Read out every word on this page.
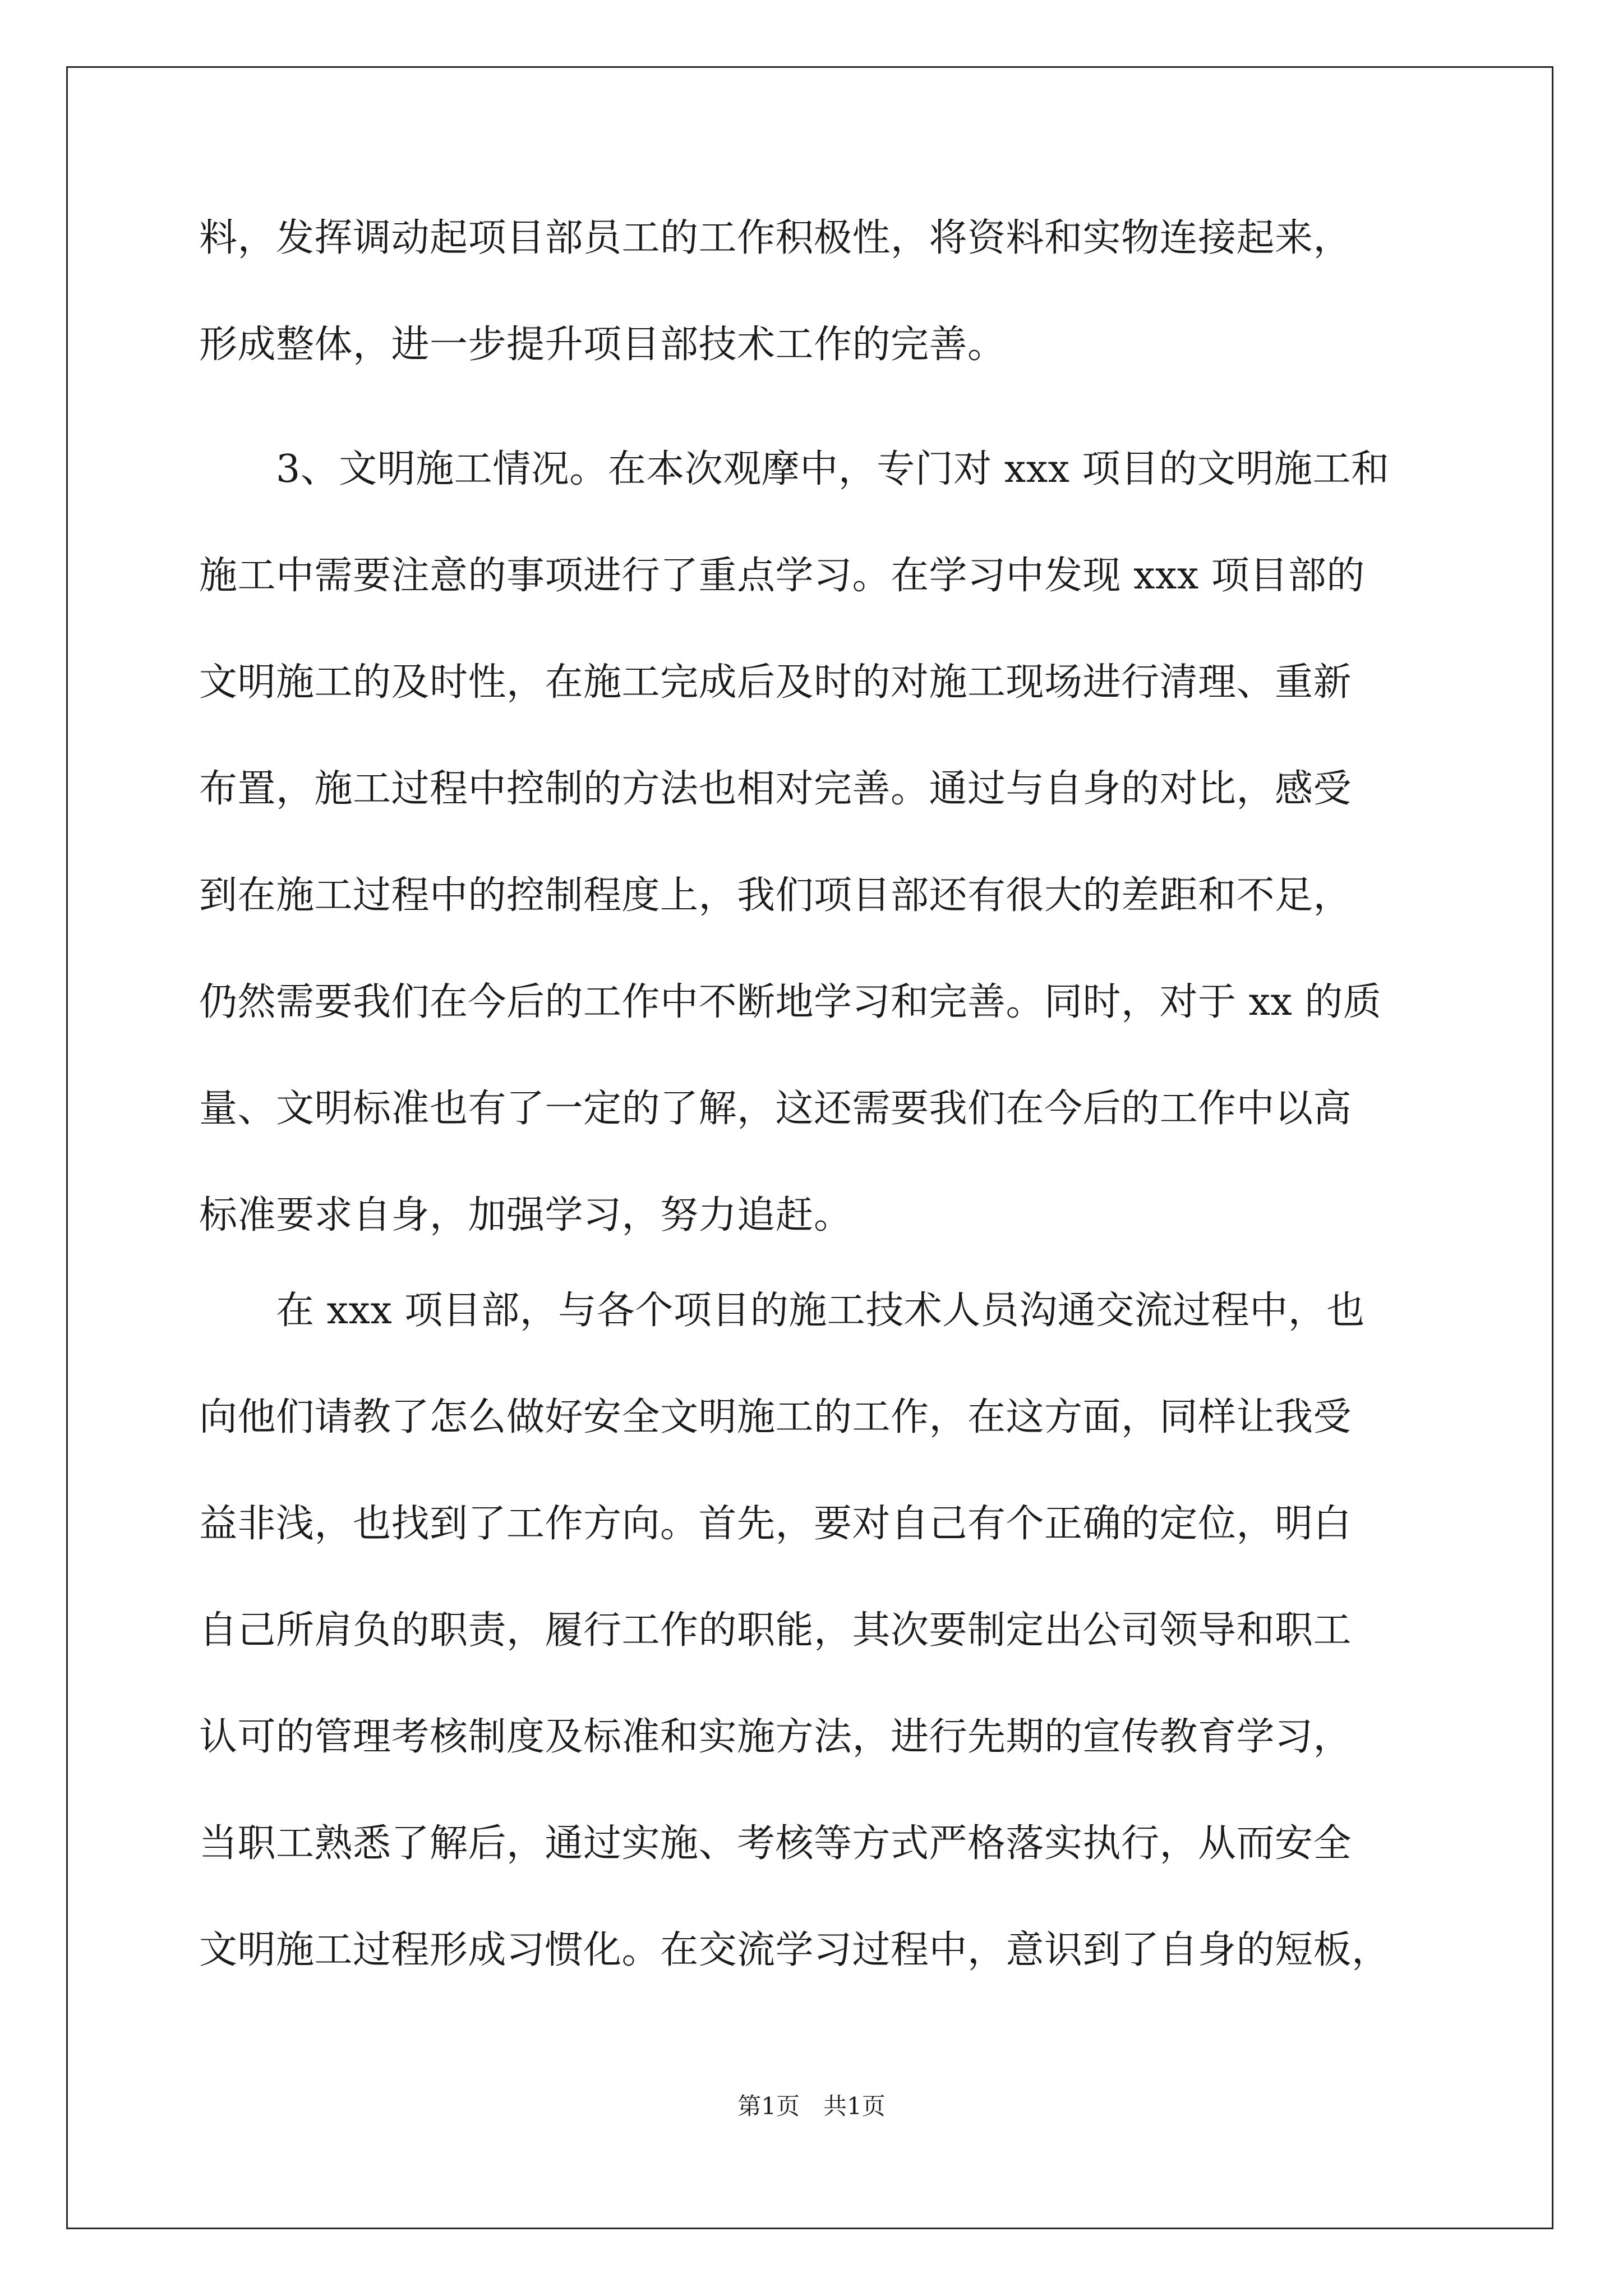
料，发挥调动起项目部员工的工作积极性，将资料和实物连接起来，
形成整体，进一步提升项目部技术工作的完善。
　　3、文明施工情况。在本次观摩中，专门对 xxx 项目的文明施工和
施工中需要注意的事项进行了重点学习。在学习中发现 xxx 项目部的
文明施工的及时性，在施工完成后及时的对施工现场进行清理、重新
布置，施工过程中控制的方法也相对完善。通过与自身的对比，感受
到在施工过程中的控制程度上，我们项目部还有很大的差距和不足，
仍然需要我们在今后的工作中不断地学习和完善。同时，对于 xx 的质
量、文明标准也有了一定的了解，这还需要我们在今后的工作中以高
标准要求自身，加强学习，努力追赶。
　　在 xxx 项目部，与各个项目的施工技术人员沟通交流过程中，也
向他们请教了怎么做好安全文明施工的工作，在这方面，同样让我受
益非浅，也找到了工作方向。首先，要对自己有个正确的定位，明白
自己所肩负的职责，履行工作的职能，其次要制定出公司领导和职工
认可的管理考核制度及标准和实施方法，进行先期的宣传教育学习，
当职工熟悉了解后，通过实施、考核等方式严格落实执行，从而安全
文明施工过程形成习惯化。在交流学习过程中，意识到了自身的短板，
第1页　共1页
